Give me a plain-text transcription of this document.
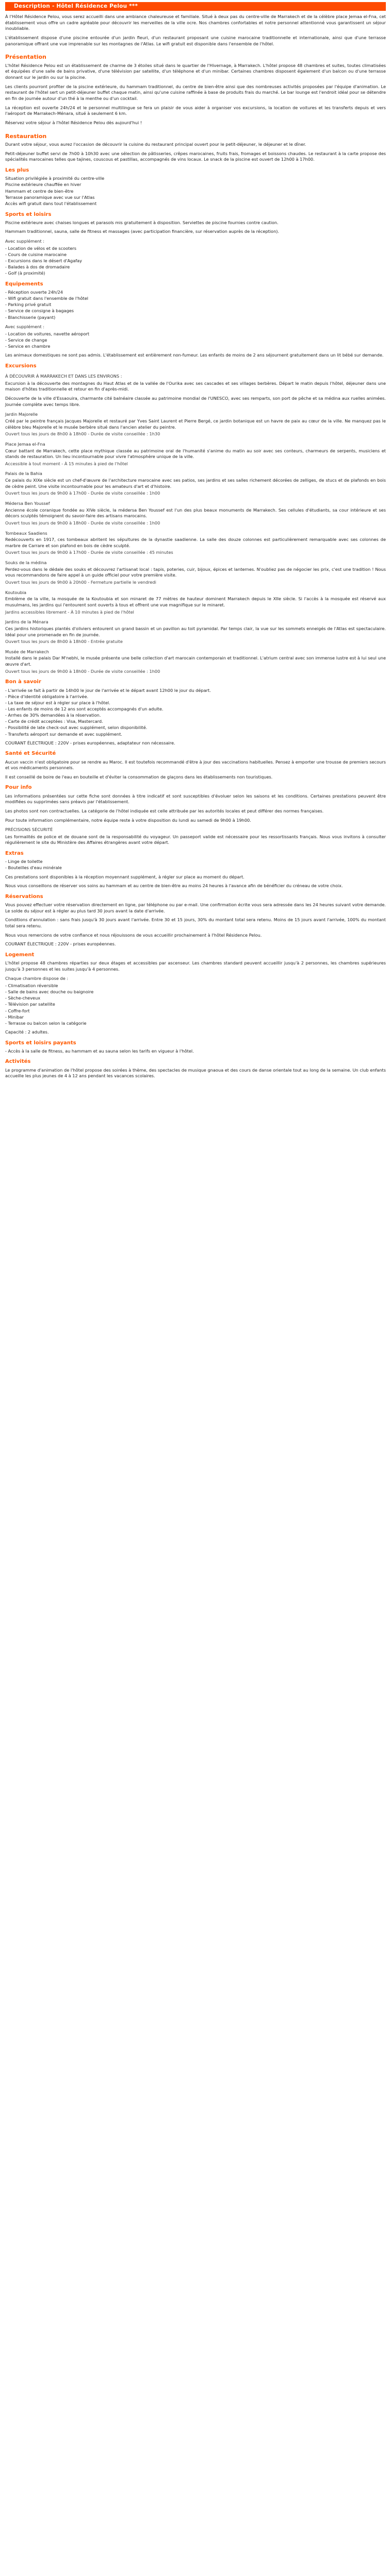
Description - Hôtel Résidence Pelou ***

À l'Hôtel Résidence Pelou, vous serez accueilli dans une ambiance chaleureuse et familiale. Situé à deux pas du centre-ville de Marrakech et de la célèbre place Jemaa el-Fna, cet établissement vous offre un cadre agréable pour découvrir les merveilles de la ville ocre. Nos chambres confortables et notre personnel attentionné vous garantissent un séjour inoubliable.

L'établissement dispose d'une piscine entourée d'un jardin fleuri, d'un restaurant proposant une cuisine marocaine traditionnelle et internationale, ainsi que d'une terrasse panoramique offrant une vue imprenable sur les montagnes de l'Atlas. Le wifi gratuit est disponible dans l'ensemble de l'hôtel.

Présentation

L'hôtel Résidence Pelou est un établissement de charme de 3 étoiles situé dans le quartier de l'Hivernage, à Marrakech. L'hôtel propose 48 chambres et suites, toutes climatisées et équipées d'une salle de bains privative, d'une télévision par satellite, d'un téléphone et d'un minibar. Certaines chambres disposent également d'un balcon ou d'une terrasse donnant sur le jardin ou sur la piscine.

Les clients pourront profiter de la piscine extérieure, du hammam traditionnel, du centre de bien-être ainsi que des nombreuses activités proposées par l'équipe d'animation. Le restaurant de l'hôtel sert un petit-déjeuner buffet chaque matin, ainsi qu'une cuisine raffinée à base de produits frais du marché. Le bar lounge est l'endroit idéal pour se détendre en fin de journée autour d'un thé à la menthe ou d'un cocktail.

La réception est ouverte 24h/24 et le personnel multilingue se fera un plaisir de vous aider à organiser vos excursions, la location de voitures et les transferts depuis et vers l'aéroport de Marrakech-Ménara, situé à seulement 6 km.

Réservez votre séjour à l'hôtel Résidence Pelou dès aujourd'hui !

Restauration

Durant votre séjour, vous aurez l'occasion de découvrir la cuisine du restaurant principal ouvert pour le petit-déjeuner, le déjeuner et le dîner.

Petit-déjeuner buffet servi de 7h00 à 10h30 avec une sélection de pâtisseries, crêpes marocaines, fruits frais, fromages et boissons chaudes. Le restaurant à la carte propose des spécialités marocaines telles que tajines, couscous et pastillas, accompagnés de vins locaux. Le snack de la piscine est ouvert de 12h00 à 17h00.

Les plus
Situation privilégiée à proximité du centre-ville
Piscine extérieure chauffée en hiver
Hammam et centre de bien-être
Terrasse panoramique avec vue sur l'Atlas
Accès wifi gratuit dans tout l'établissement
Sports et loisirs

Piscine extérieure avec chaises longues et parasols mis gratuitement à disposition. Serviettes de piscine fournies contre caution.

Hammam traditionnel, sauna, salle de fitness et massages (avec participation financière, sur réservation auprès de la réception).

Avec supplément :
- Location de vélos et de scooters
- Cours de cuisine marocaine
- Excursions dans le désert d'Agafay
- Balades à dos de dromadaire
- Golf (à proximité)
Equipements
- Réception ouverte 24h/24
- Wifi gratuit dans l'ensemble de l'hôtel
- Parking privé gratuit
- Service de consigne à bagages
- Blanchisserie (payant)
Avec supplément :
- Location de voitures, navette aéroport
- Service de change
- Service en chambre

Les animaux domestiques ne sont pas admis. L'établissement est entièrement non-fumeur. Les enfants de moins de 2 ans séjournent gratuitement dans un lit bébé sur demande.

Excursions
À DÉCOUVRIR À MARRAKECH ET DANS LES ENVIRONS :

Excursion à la découverte des montagnes du Haut Atlas et de la vallée de l'Ourika avec ses cascades et ses villages berbères. Départ le matin depuis l'hôtel, déjeuner dans une maison d'hôtes traditionnelle et retour en fin d'après-midi.

Découverte de la ville d'Essaouira, charmante cité balnéaire classée au patrimoine mondial de l'UNESCO, avec ses remparts, son port de pêche et sa médina aux ruelles animées. Journée complète avec temps libre.

Jardin Majorelle

Créé par le peintre français Jacques Majorelle et restauré par Yves Saint Laurent et Pierre Bergé, ce jardin botanique est un havre de paix au cœur de la ville. Ne manquez pas le célèbre bleu Majorelle et le musée berbère situé dans l'ancien atelier du peintre.

Ouvert tous les jours de 8h00 à 18h00 - Durée de visite conseillée : 1h30
Place Jemaa el-Fna

Cœur battant de Marrakech, cette place mythique classée au patrimoine oral de l'humanité s'anime du matin au soir avec ses conteurs, charmeurs de serpents, musiciens et stands de restauration. Un lieu incontournable pour vivre l'atmosphère unique de la ville.

Accessible à tout moment - À 15 minutes à pied de l'hôtel
Palais de la Bahia

Ce palais du XIXe siècle est un chef-d'œuvre de l'architecture marocaine avec ses patios, ses jardins et ses salles richement décorées de zelliges, de stucs et de plafonds en bois de cèdre peint. Une visite incontournable pour les amateurs d'art et d'histoire.

Ouvert tous les jours de 9h00 à 17h00 - Durée de visite conseillée : 1h00
Médersa Ben Youssef

Ancienne école coranique fondée au XIVe siècle, la médersa Ben Youssef est l'un des plus beaux monuments de Marrakech. Ses cellules d'étudiants, sa cour intérieure et ses décors sculptés témoignent du savoir-faire des artisans marocains.

Ouvert tous les jours de 9h00 à 18h00 - Durée de visite conseillée : 1h00
Tombeaux Saadiens

Redécouverts en 1917, ces tombeaux abritent les sépultures de la dynastie saadienne. La salle des douze colonnes est particulièrement remarquable avec ses colonnes de marbre de Carrare et son plafond en bois de cèdre sculpté.

Ouvert tous les jours de 9h00 à 17h00 - Durée de visite conseillée : 45 minutes
Souks de la médina

Perdez-vous dans le dédale des souks et découvrez l'artisanat local : tapis, poteries, cuir, bijoux, épices et lanternes. N'oubliez pas de négocier les prix, c'est une tradition ! Nous vous recommandons de faire appel à un guide officiel pour votre première visite.

Ouvert tous les jours de 9h00 à 20h00 - Fermeture partielle le vendredi
Koutoubia

Emblème de la ville, la mosquée de la Koutoubia et son minaret de 77 mètres de hauteur dominent Marrakech depuis le XIIe siècle. Si l'accès à la mosquée est réservé aux musulmans, les jardins qui l'entourent sont ouverts à tous et offrent une vue magnifique sur le minaret.

Jardins accessibles librement - À 10 minutes à pied de l'hôtel
Jardins de la Ménara

Ces jardins historiques plantés d'oliviers entourent un grand bassin et un pavillon au toit pyramidal. Par temps clair, la vue sur les sommets enneigés de l'Atlas est spectaculaire. Idéal pour une promenade en fin de journée.

Ouvert tous les jours de 8h00 à 18h00 - Entrée gratuite
Musée de Marrakech

Installé dans le palais Dar M'nebhi, le musée présente une belle collection d'art marocain contemporain et traditionnel. L'atrium central avec son immense lustre est à lui seul une œuvre d'art.

Ouvert tous les jours de 9h00 à 18h00 - Durée de visite conseillée : 1h00
Bon à savoir
- L'arrivée se fait à partir de 14h00 le jour de l'arrivée et le départ avant 12h00 le jour du départ.
- Pièce d'identité obligatoire à l'arrivée.
- La taxe de séjour est à régler sur place à l'hôtel.
- Les enfants de moins de 12 ans sont acceptés accompagnés d'un adulte.
- Arrhes de 30% demandées à la réservation.
- Carte de crédit acceptées : Visa, Mastercard.
- Possibilité de late check-out avec supplément, selon disponibilité.
- Transferts aéroport sur demande et avec supplément.

COURANT ÉLECTRIQUE : 220V - prises européennes, adaptateur non nécessaire.

Santé et Sécurité

Aucun vaccin n'est obligatoire pour se rendre au Maroc. Il est toutefois recommandé d'être à jour des vaccinations habituelles. Pensez à emporter une trousse de premiers secours et vos médicaments personnels.

Il est conseillé de boire de l'eau en bouteille et d'éviter la consommation de glaçons dans les établissements non touristiques.

Pour info

Les informations présentées sur cette fiche sont données à titre indicatif et sont susceptibles d'évoluer selon les saisons et les conditions. Certaines prestations peuvent être modifiées ou supprimées sans préavis par l'établissement.

Les photos sont non contractuelles. La catégorie de l'hôtel indiquée est celle attribuée par les autorités locales et peut différer des normes françaises.

Pour toute information complémentaire, notre équipe reste à votre disposition du lundi au samedi de 9h00 à 19h00.

PRÉCISIONS SÉCURITÉ

Les formalités de police et de douane sont de la responsabilité du voyageur. Un passeport valide est nécessaire pour les ressortissants français. Nous vous invitons à consulter régulièrement le site du Ministère des Affaires étrangères avant votre départ.

Extras
- Linge de toilette
- Bouteilles d'eau minérale

Ces prestations sont disponibles à la réception moyennant supplément, à régler sur place au moment du départ.

Nous vous conseillons de réserver vos soins au hammam et au centre de bien-être au moins 24 heures à l'avance afin de bénéficier du créneau de votre choix.

Réservations

Vous pouvez effectuer votre réservation directement en ligne, par téléphone ou par e-mail. Une confirmation écrite vous sera adressée dans les 24 heures suivant votre demande. Le solde du séjour est à régler au plus tard 30 jours avant la date d'arrivée.

Conditions d'annulation : sans frais jusqu'à 30 jours avant l'arrivée. Entre 30 et 15 jours, 30% du montant total sera retenu. Moins de 15 jours avant l'arrivée, 100% du montant total sera retenu.

Nous vous remercions de votre confiance et nous réjouissons de vous accueillir prochainement à l'hôtel Résidence Pelou.

COURANT ÉLECTRIQUE : 220V - prises européennes.

Logement

L'hôtel propose 48 chambres réparties sur deux étages et accessibles par ascenseur. Les chambres standard peuvent accueillir jusqu'à 2 personnes, les chambres supérieures jusqu'à 3 personnes et les suites jusqu'à 4 personnes.

Chaque chambre dispose de :
- Climatisation réversible
- Salle de bains avec douche ou baignoire
- Sèche-cheveux
- Télévision par satellite
- Coffre-fort
- Minibar
- Terrasse ou balcon selon la catégorie

Capacité : 2 adultes.

Sports et loisirs payants
- Accès à la salle de fitness, au hammam et au sauna selon les tarifs en vigueur à l'hôtel.
Activités

Le programme d'animation de l'hôtel propose des soirées à thème, des spectacles de musique gnaoua et des cours de danse orientale tout au long de la semaine. Un club enfants accueille les plus jeunes de 4 à 12 ans pendant les vacances scolaires.
